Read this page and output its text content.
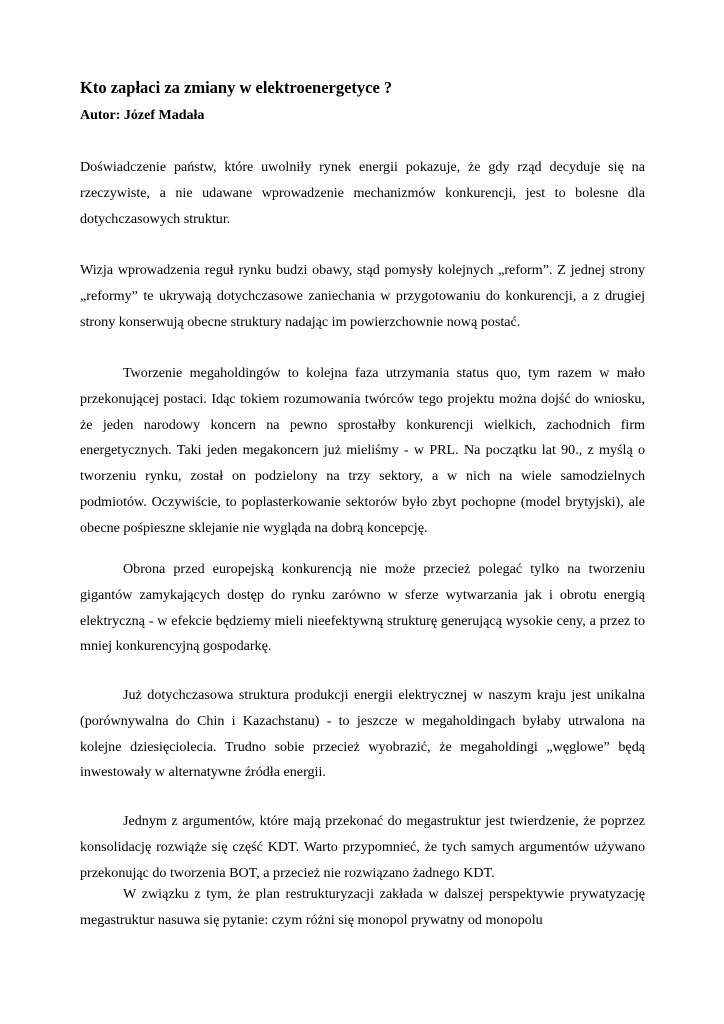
Kto zapłaci za zmiany w elektroenergetyce ?
Autor: Józef Madała

Doświadczenie państw, które uwolniły rynek energii pokazuje, że gdy rząd decyduje się na rzeczywiste, a nie udawane wprowadzenie mechanizmów konkurencji, jest to bolesne dla dotychczasowych struktur.

Wizja wprowadzenia reguł rynku budzi obawy, stąd pomysły kolejnych „reform”. Z jednej strony „reformy” te ukrywają dotychczasowe zaniechania w przygotowaniu do konkurencji, a z drugiej strony konserwują obecne struktury nadając im powierzchownie nową postać.

Tworzenie megaholdingów to kolejna faza utrzymania status quo, tym razem w mało przekonującej postaci. Idąc tokiem rozumowania twórców tego projektu można dojść do wniosku, że jeden narodowy koncern na pewno sprostałby konkurencji wielkich, zachodnich firm energetycznych. Taki jeden megakoncern już mieliśmy - w PRL. Na początku lat 90., z myślą o tworzeniu rynku, został on podzielony na trzy sektory, a w nich na wiele samodzielnych podmiotów. Oczywiście, to poplasterkowanie sektorów było zbyt pochopne (model brytyjski), ale obecne pośpieszne sklejanie nie wygląda na dobrą koncepcję.

Obrona przed europejską konkurencją nie może przecież polegać tylko na tworzeniu gigantów zamykających dostęp do rynku zarówno w sferze wytwarzania jak i obrotu energią elektryczną - w efekcie będziemy mieli nieefektywną strukturę generującą wysokie ceny, a przez to mniej konkurencyjną gospodarkę.

Już dotychczasowa struktura produkcji energii elektrycznej w naszym kraju jest unikalna (porównywalna do Chin i Kazachstanu) - to jeszcze w megaholdingach byłaby utrwalona na kolejne dziesięciolecia. Trudno sobie przecież wyobrazić, że megaholdingi „węglowe” będą inwestowały w alternatywne źródła energii.

Jednym z argumentów, które mają przekonać do megastruktur jest twierdzenie, że poprzez konsolidację rozwiąże się część KDT. Warto przypomnieć, że tych samych argumentów używano przekonując do tworzenia BOT, a przecież nie rozwiązano żadnego KDT.

W związku z tym, że plan restrukturyzacji zakłada w dalszej perspektywie prywatyzację megastruktur nasuwa się pytanie: czym różni się monopol prywatny od monopolu
